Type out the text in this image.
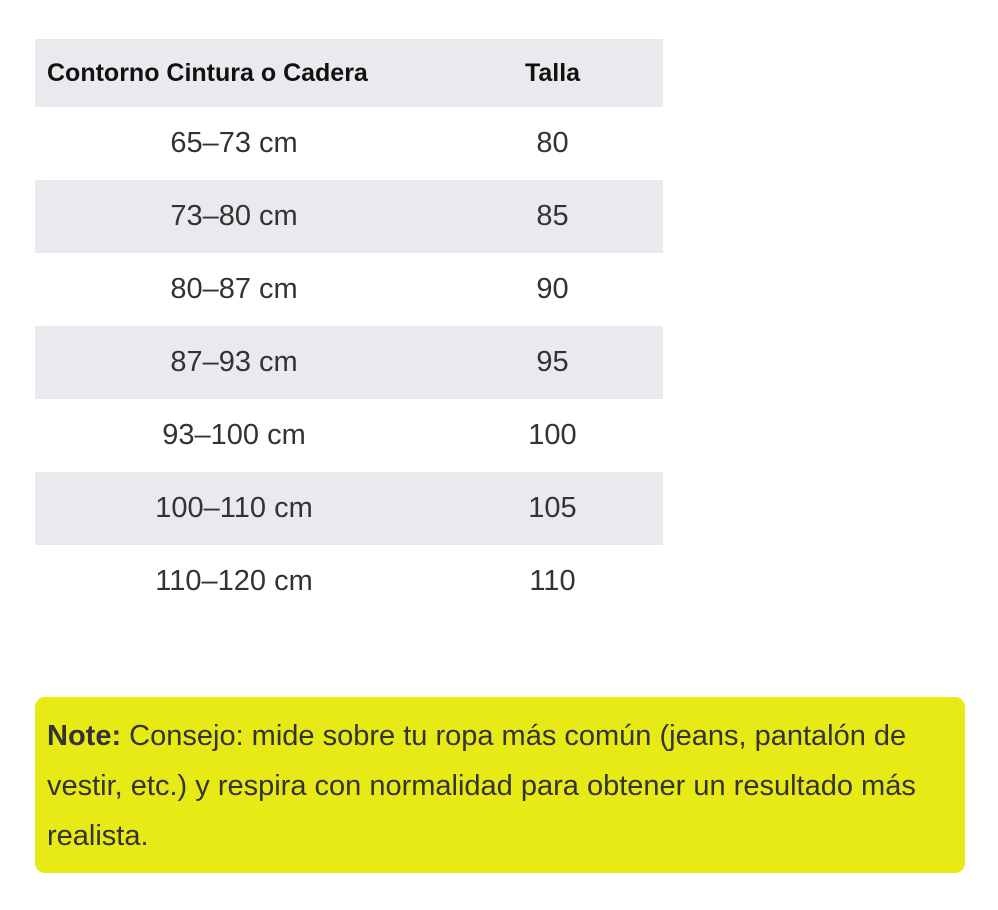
Contorno Cintura o Cadera	Talla
65–73 cm	80
73–80 cm	85
80–87 cm	90
87–93 cm	95
93–100 cm	100
100–110 cm	105
110–120 cm	110
Note: Consejo: mide sobre tu ropa más común (jeans, pantalón de vestir, etc.) y respira con normalidad para obtener un resultado más realista.
